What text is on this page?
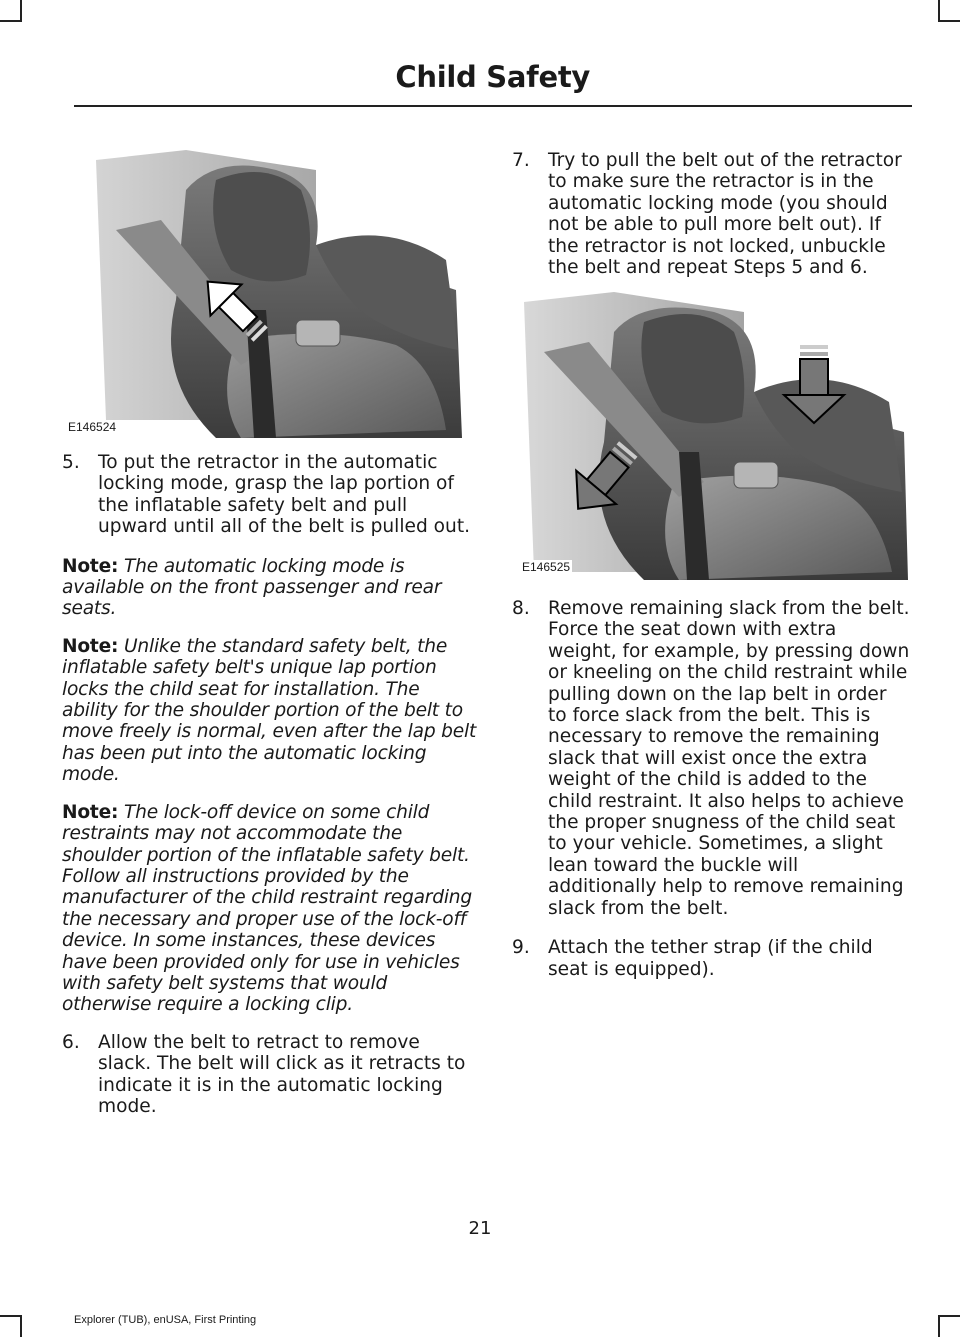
Child Safety
E146524
5. To put the retractor in the automatic locking mode, grasp the lap portion of the inflatable safety belt and pull upward until all of the belt is pulled out.

Note: The automatic locking mode is available on the front passenger and rear seats.

Note: Unlike the standard safety belt, the inflatable safety belt's unique lap portion locks the child seat for installation. The ability for the shoulder portion of the belt to move freely is normal, even after the lap belt has been put into the automatic locking mode.

Note: The lock-off device on some child restraints may not accommodate the shoulder portion of the inflatable safety belt. Follow all instructions provided by the manufacturer of the child restraint regarding the necessary and proper use of the lock-off device. In some instances, these devices have been provided only for use in vehicles with safety belt systems that would otherwise require a locking clip.

6. Allow the belt to retract to remove slack. The belt will click as it retracts to indicate it is in the automatic locking mode.
7. Try to pull the belt out of the retractor to make sure the retractor is in the automatic locking mode (you should not be able to pull more belt out). If the retractor is not locked, unbuckle the belt and repeat Steps 5 and 6.
E146525
8. Remove remaining slack from the belt. Force the seat down with extra weight, for example, by pressing down or kneeling on the child restraint while pulling down on the lap belt in order to force slack from the belt. This is necessary to remove the remaining slack that will exist once the extra weight of the child is added to the child restraint. It also helps to achieve the proper snugness of the child seat to your vehicle. Sometimes, a slight lean toward the buckle will additionally help to remove remaining slack from the belt.
9. Attach the tether strap (if the child seat is equipped).
21
Explorer (TUB), enUSA, First Printing
